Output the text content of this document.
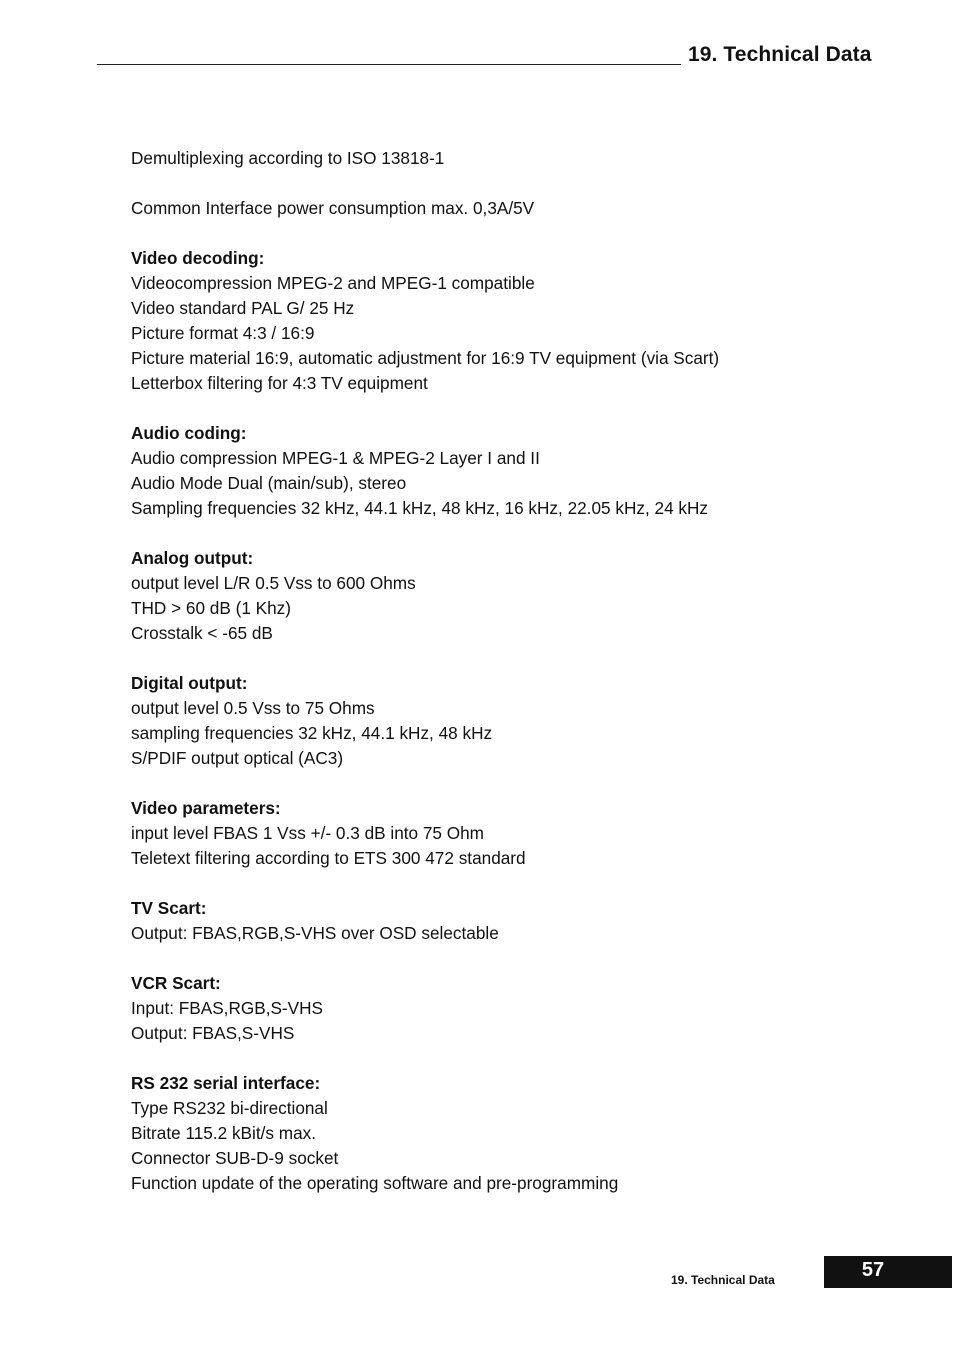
19. Technical Data
Demultiplexing according to ISO 13818-1
Common Interface power consumption max. 0,3A/5V
Video decoding:
Videocompression MPEG-2 and MPEG-1 compatible
Video standard PAL G/ 25 Hz
Picture format 4:3 / 16:9
Picture material 16:9, automatic adjustment for 16:9 TV equipment (via Scart)
Letterbox filtering for 4:3 TV equipment
Audio coding:
Audio compression MPEG-1 & MPEG-2 Layer I and II
Audio Mode Dual (main/sub), stereo
Sampling frequencies 32 kHz, 44.1 kHz, 48 kHz, 16 kHz, 22.05 kHz, 24 kHz
Analog output:
output level L/R 0.5 Vss to 600 Ohms
THD > 60 dB (1 Khz)
Crosstalk < -65 dB
Digital output:
output level 0.5 Vss to 75 Ohms
sampling frequencies 32 kHz, 44.1 kHz, 48 kHz
S/PDIF output optical (AC3)
Video parameters:
input level FBAS 1 Vss +/- 0.3 dB into 75 Ohm
Teletext filtering according to ETS 300 472 standard
TV Scart:
Output: FBAS,RGB,S-VHS over OSD selectable
VCR Scart:
Input: FBAS,RGB,S-VHS
Output: FBAS,S-VHS
RS 232 serial interface:
Type RS232 bi-directional
Bitrate 115.2 kBit/s max.
Connector SUB-D-9 socket
Function update of the operating software and pre-programming
19. Technical Data	57
